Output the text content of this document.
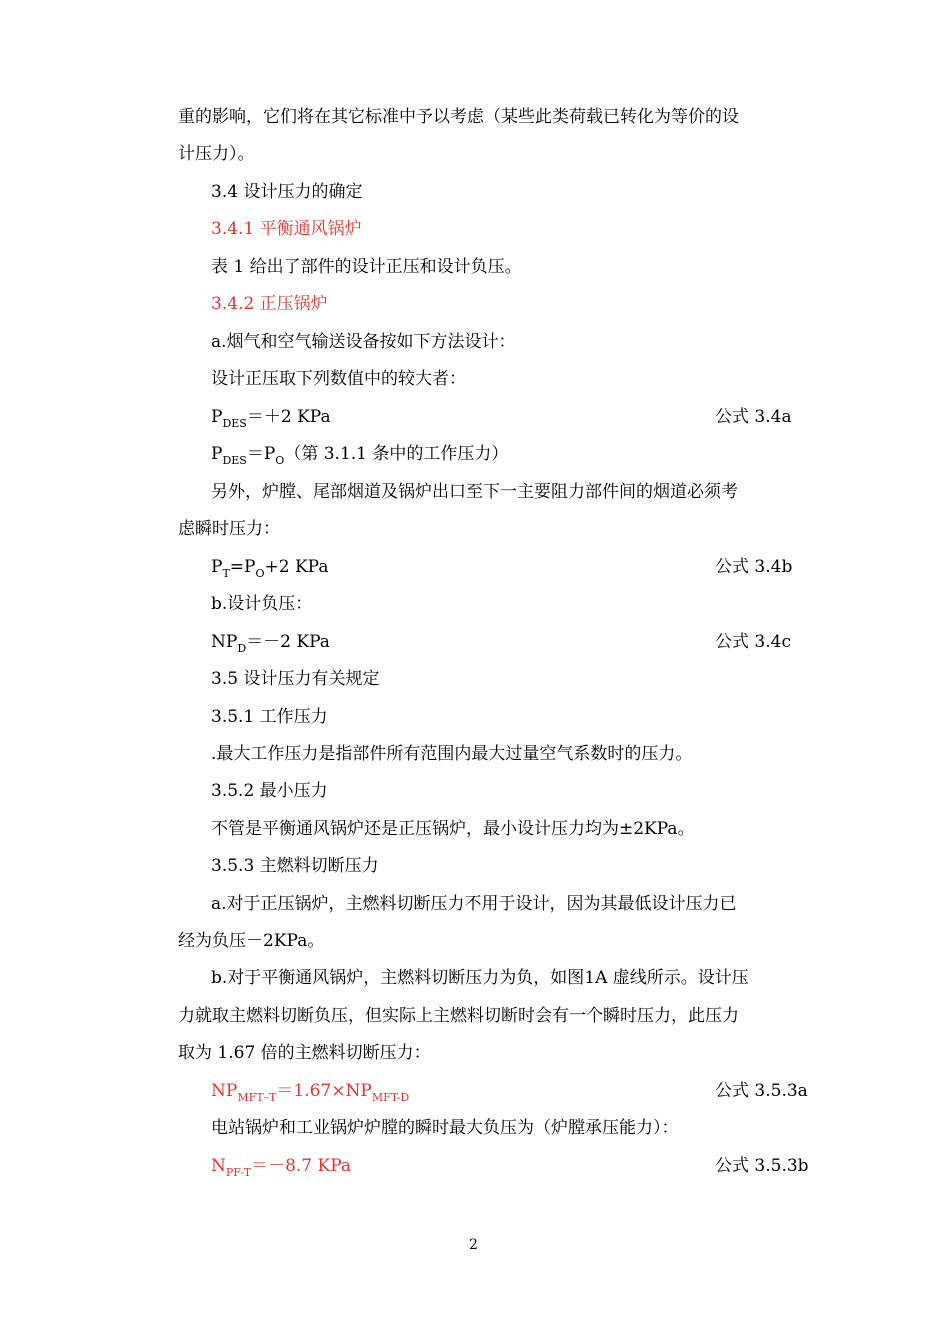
重的影响，它们将在其它标准中予以考虑（某些此类荷载已转化为等价的设
计压力）。
3.4 设计压力的确定
3.4.1 平衡通风锅炉
表 1 给出了部件的设计正压和设计负压。
3.4.2 正压锅炉
a.烟气和空气输送设备按如下方法设计：
设计正压取下列数值中的较大者：
$P_{DES}=+2$ KPa	公式 3.4a
$P_{DES}=P_O$（第 3.1.1 条中的工作压力）
另外，炉膛、尾部烟道及锅炉出口至下一主要阻力部件间的烟道必须考
虑瞬时压力：
$P_T=P_O+2$ KPa	公式 3.4b
b.设计负压：
$NP_D=-2$ KPa	公式 3.4c
3.5 设计压力有关规定
3.5.1 工作压力
.最大工作压力是指部件所有范围内最大过量空气系数时的压力。
3.5.2 最小压力
不管是平衡通风锅炉还是正压锅炉，最小设计压力均为±2KPa。
3.5.3 主燃料切断压力
a.对于正压锅炉，主燃料切断压力不用于设计，因为其最低设计压力已
经为负压－2KPa。
b.对于平衡通风锅炉，主燃料切断压力为负，如图1A 虚线所示。设计压
力就取主燃料切断负压，但实际上主燃料切断时会有一个瞬时压力，此压力
取为 1.67 倍的主燃料切断压力：
$NP_{MFT-T}=1.67\times NP_{MFT-D}$	公式 3.5.3a
电站锅炉和工业锅炉炉膛的瞬时最大负压为（炉膛承压能力）：
$N_{PF-T}=-8.7$ KPa	公式 3.5.3b
2
